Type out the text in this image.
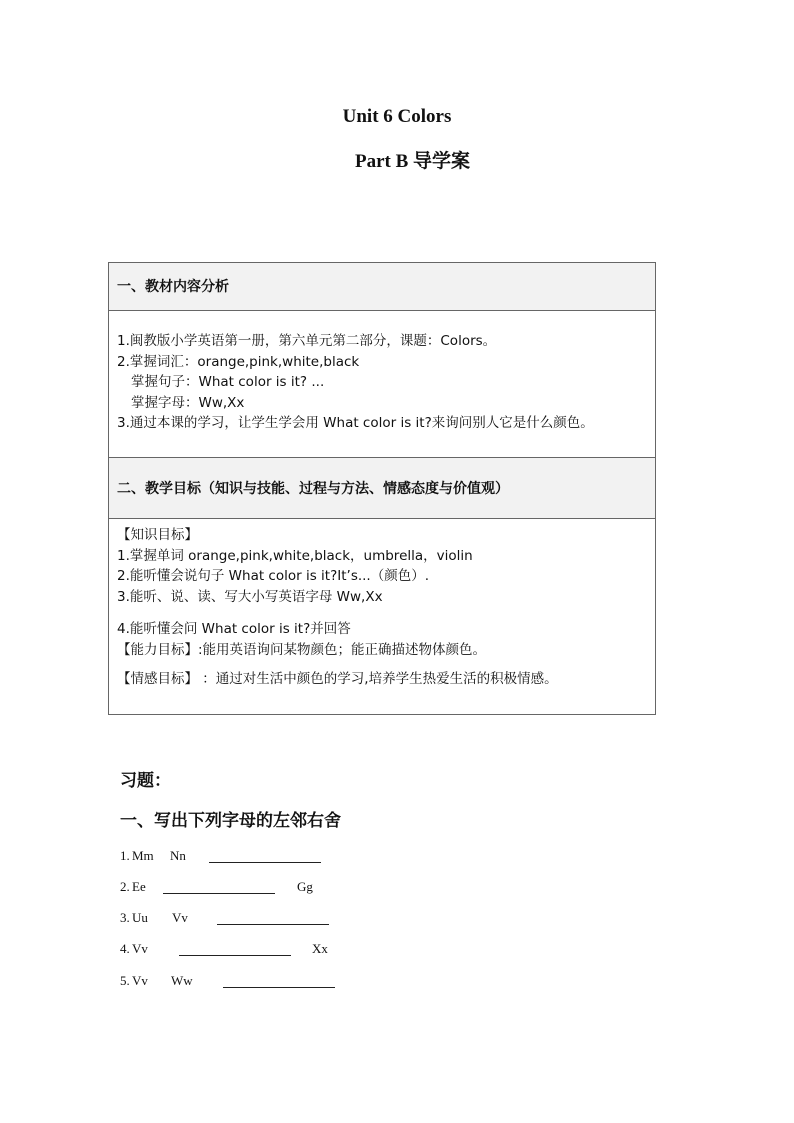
Unit 6 Colors
Part B 导学案
一、教材内容分析
1.闽教版小学英语第一册，第六单元第二部分，课题：Colors。
2.掌握词汇：orange,pink,white,black
掌握句子：What color is it? ...
掌握字母：Ww,Xx
3.通过本课的学习，让学生学会用 What color is it?来询问别人它是什么颜色。
二、教学目标（知识与技能、过程与方法、情感态度与价值观）
【知识目标】
1.掌握单词 orange,pink,white,black，umbrella，violin
2.能听懂会说句子 What color is it?It’s...（颜色）.
3.能听、说、读、写大小写英语字母 Ww,Xx
4.能听懂会问 What color is it?并回答
【能力目标】:能用英语询问某物颜色；能正确描述物体颜色。
【情感目标】 ：通过对生活中颜色的学习,培养学生热爱生活的积极情感。
习题：
一、写出下列字母的左邻右舍
1. Mm Nn
2. Ee	Gg
3. Uu Vv
4. Vv	Xx
5. Vv Ww
